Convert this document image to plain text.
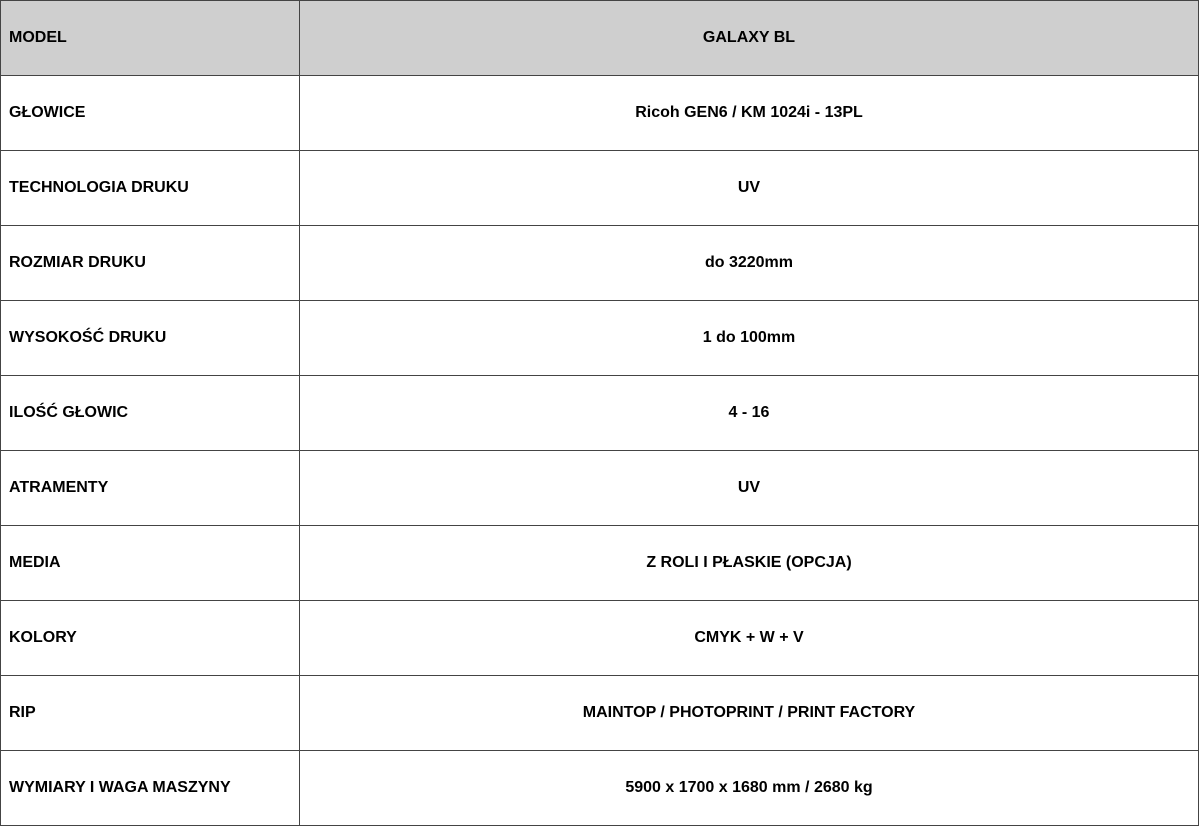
MODEL	GALAXY BL
GŁOWICE	Ricoh GEN6 / KM 1024i - 13PL
TECHNOLOGIA DRUKU	UV
ROZMIAR DRUKU	do 3220mm
WYSOKOŚĆ DRUKU	1 do 100mm
ILOŚĆ GŁOWIC	4 - 16
ATRAMENTY	UV
MEDIA	Z ROLI I PŁASKIE (OPCJA)
KOLORY	CMYK + W + V
RIP	MAINTOP / PHOTOPRINT / PRINT FACTORY
WYMIARY I WAGA MASZYNY	5900 x 1700 x 1680 mm / 2680 kg
